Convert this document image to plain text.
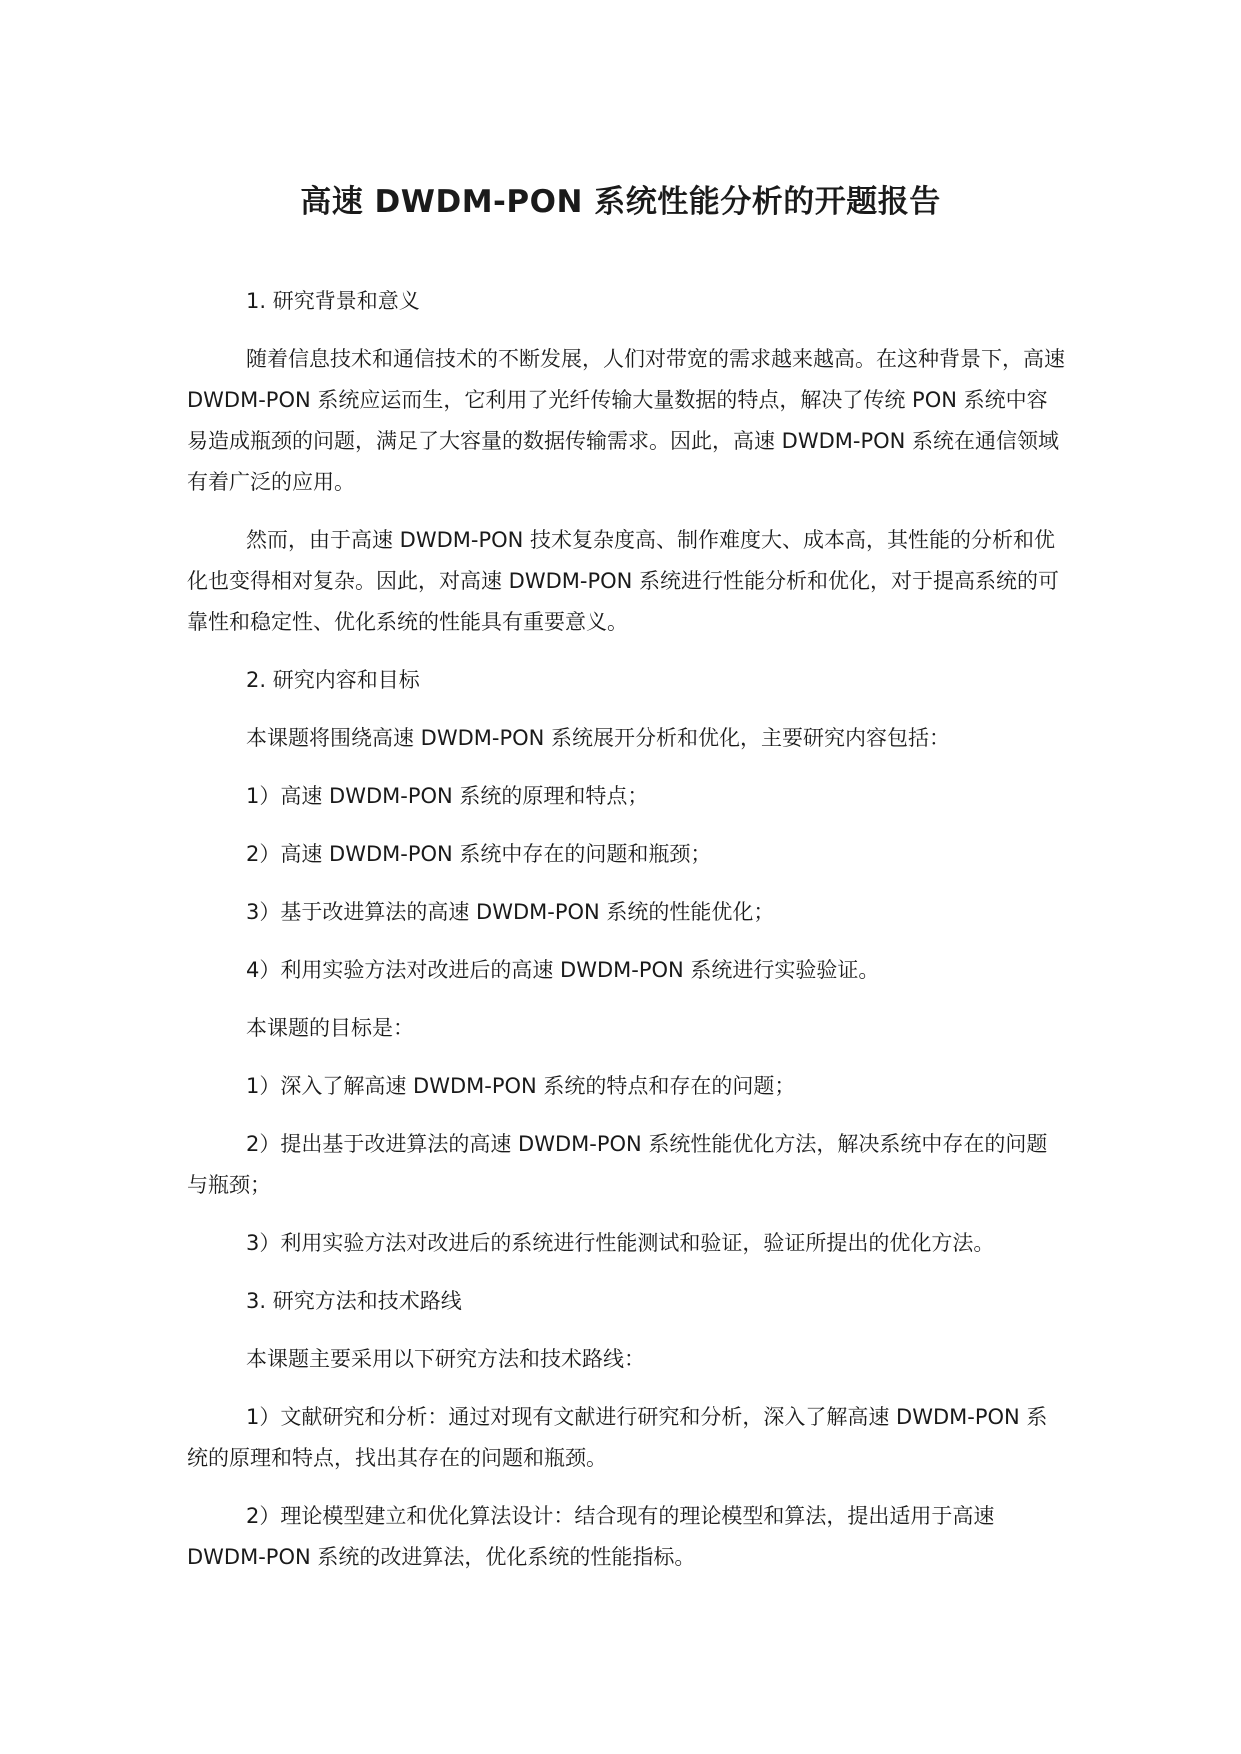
高速 DWDM-PON 系统性能分析的开题报告

1. 研究背景和意义

随着信息技术和通信技术的不断发展，人们对带宽的需求越来越高。在这种背景下，高速 DWDM-PON 系统应运而生，它利用了光纤传输大量数据的特点，解决了传统 PON 系统中容易造成瓶颈的问题，满足了大容量的数据传输需求。因此，高速 DWDM-PON 系统在通信领域有着广泛的应用。

然而，由于高速 DWDM-PON 技术复杂度高、制作难度大、成本高，其性能的分析和优化也变得相对复杂。因此，对高速 DWDM-PON 系统进行性能分析和优化，对于提高系统的可靠性和稳定性、优化系统的性能具有重要意义。

2. 研究内容和目标

本课题将围绕高速 DWDM-PON 系统展开分析和优化，主要研究内容包括：

1）高速 DWDM-PON 系统的原理和特点；

2）高速 DWDM-PON 系统中存在的问题和瓶颈；

3）基于改进算法的高速 DWDM-PON 系统的性能优化；

4）利用实验方法对改进后的高速 DWDM-PON 系统进行实验验证。

本课题的目标是：

1）深入了解高速 DWDM-PON 系统的特点和存在的问题；

2）提出基于改进算法的高速 DWDM-PON 系统性能优化方法，解决系统中存在的问题与瓶颈；

3）利用实验方法对改进后的系统进行性能测试和验证，验证所提出的优化方法。

3. 研究方法和技术路线

本课题主要采用以下研究方法和技术路线：

1）文献研究和分析：通过对现有文献进行研究和分析，深入了解高速 DWDM-PON 系统的原理和特点，找出其存在的问题和瓶颈。

2）理论模型建立和优化算法设计：结合现有的理论模型和算法，提出适用于高速 DWDM-PON 系统的改进算法，优化系统的性能指标。
